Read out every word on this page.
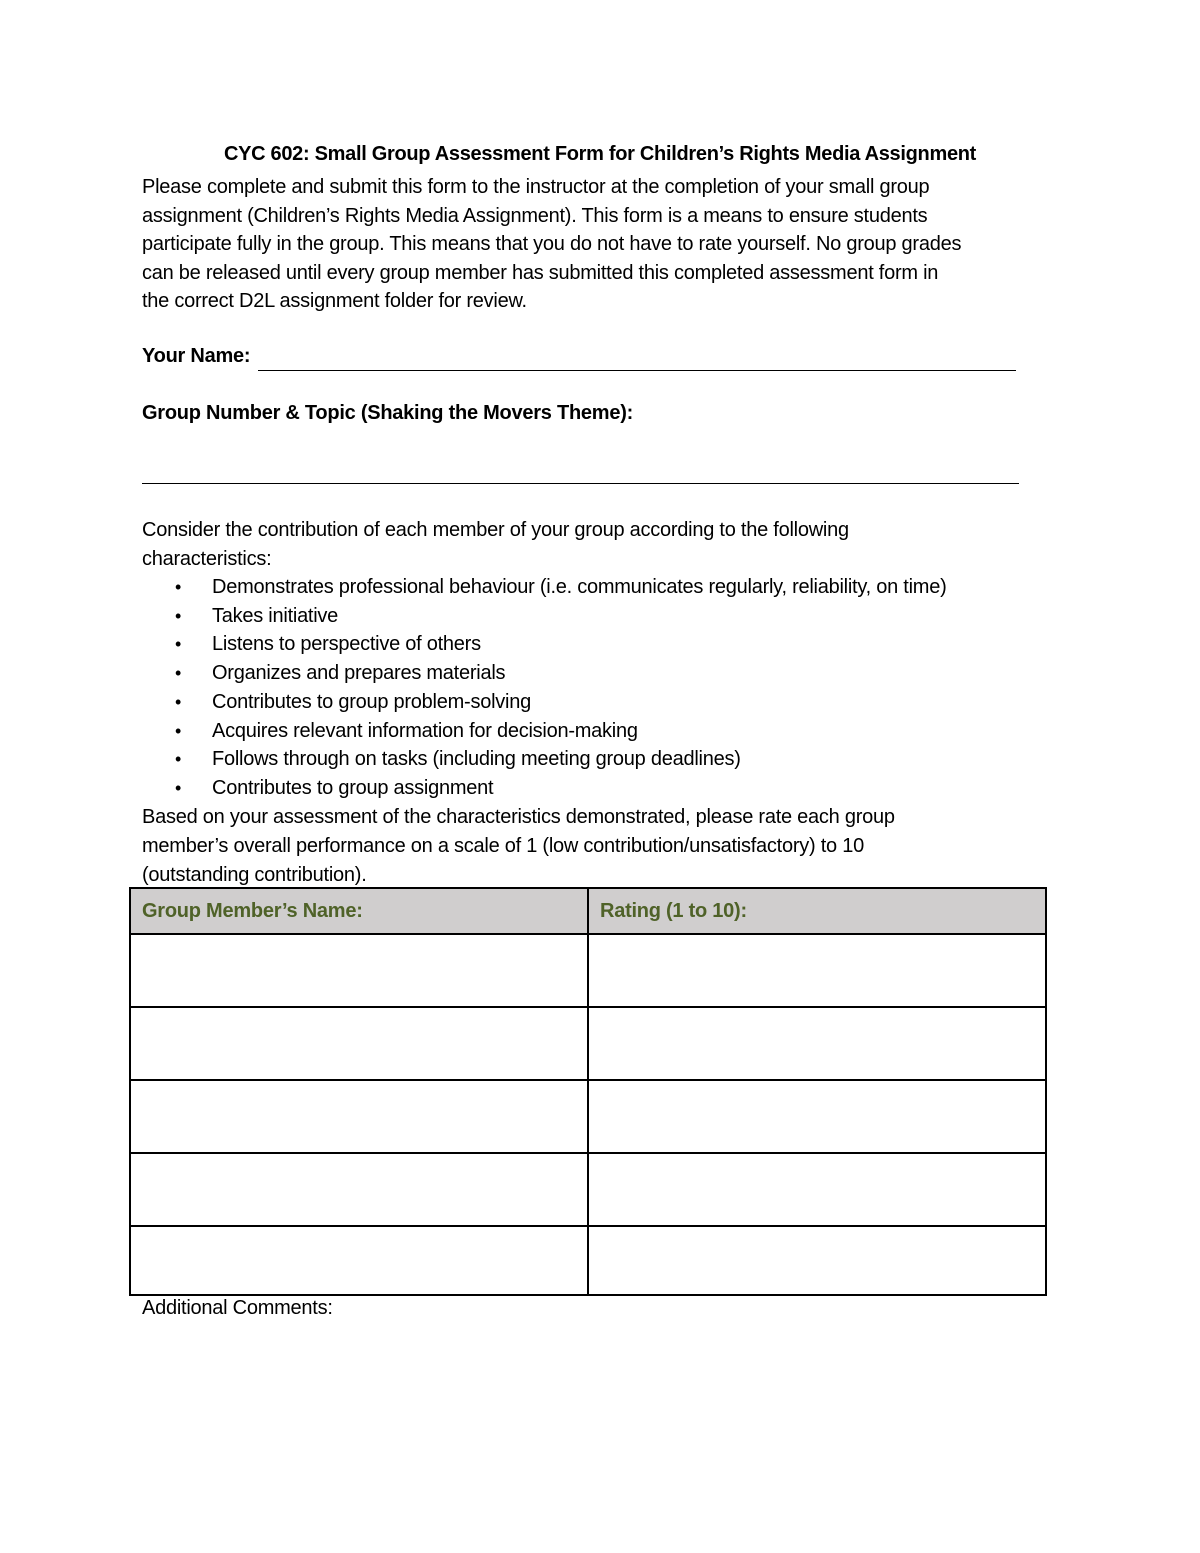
CYC 602: Small Group Assessment Form for Children’s Rights Media Assignment
Please complete and submit this form to the instructor at the completion of your small group
assignment (Children’s Rights Media Assignment). This form is a means to ensure students
participate fully in the group. This means that you do not have to rate yourself. No group grades
can be released until every group member has submitted this completed assessment form in
the correct D2L assignment folder for review.
Your Name:
Group Number & Topic (Shaking the Movers Theme):
Consider the contribution of each member of your group according to the following
characteristics:
• Demonstrates professional behaviour (i.e. communicates regularly, reliability, on time)
• Takes initiative
• Listens to perspective of others
• Organizes and prepares materials
• Contributes to group problem-solving
• Acquires relevant information for decision-making
• Follows through on tasks (including meeting group deadlines)
• Contributes to group assignment
Based on your assessment of the characteristics demonstrated, please rate each group
member’s overall performance on a scale of 1 (low contribution/unsatisfactory) to 10
(outstanding contribution).
Group Member’s Name:	Rating (1 to 10):

Additional Comments:
